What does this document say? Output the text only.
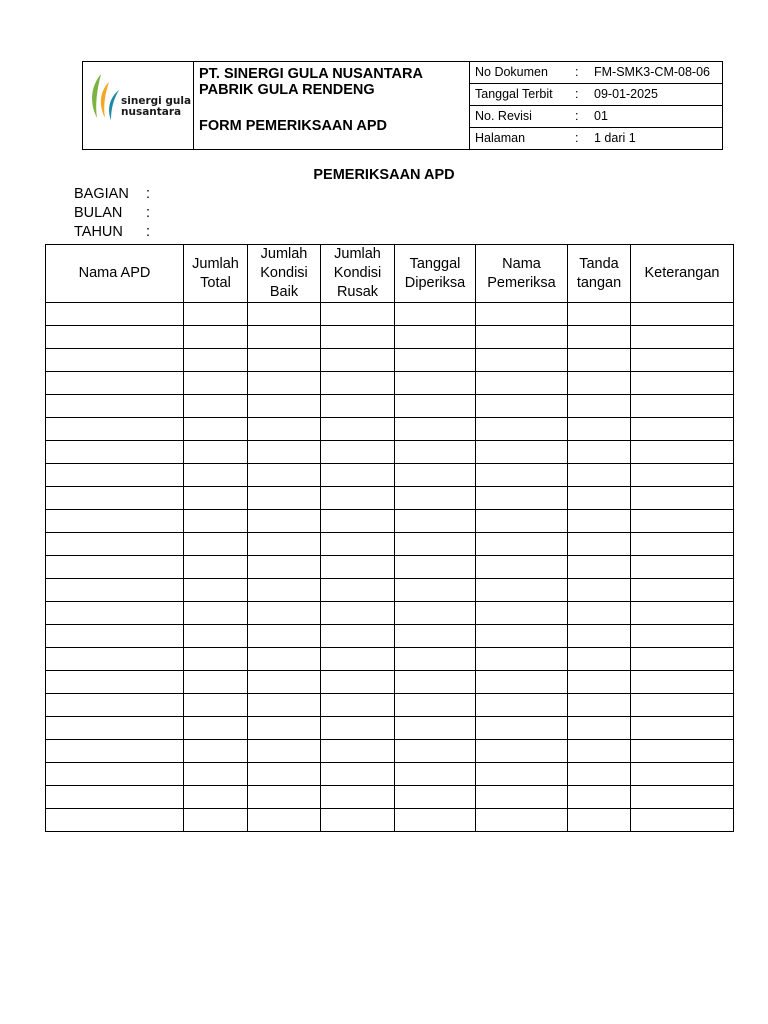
sinergi gula
nusantara
PT. SINERGI GULA NUSANTARA
PABRIK GULA RENDENG
FORM PEMERIKSAAN APD
No Dokumen : FM-SMK3-CM-08-06
Tanggal Terbit : 09-01-2025
No. Revisi	: 01
Halaman	: 1 dari 1
PEMERIKSAAN APD
BAGIAN :
BULAN :
TAHUN :
Nama APD	Jumlah Total	Jumlah Kondisi Baik	Jumlah Kondisi Rusak	Tanggal Diperiksa	Nama Pemeriksa	Tanda tangan	Keterangan
